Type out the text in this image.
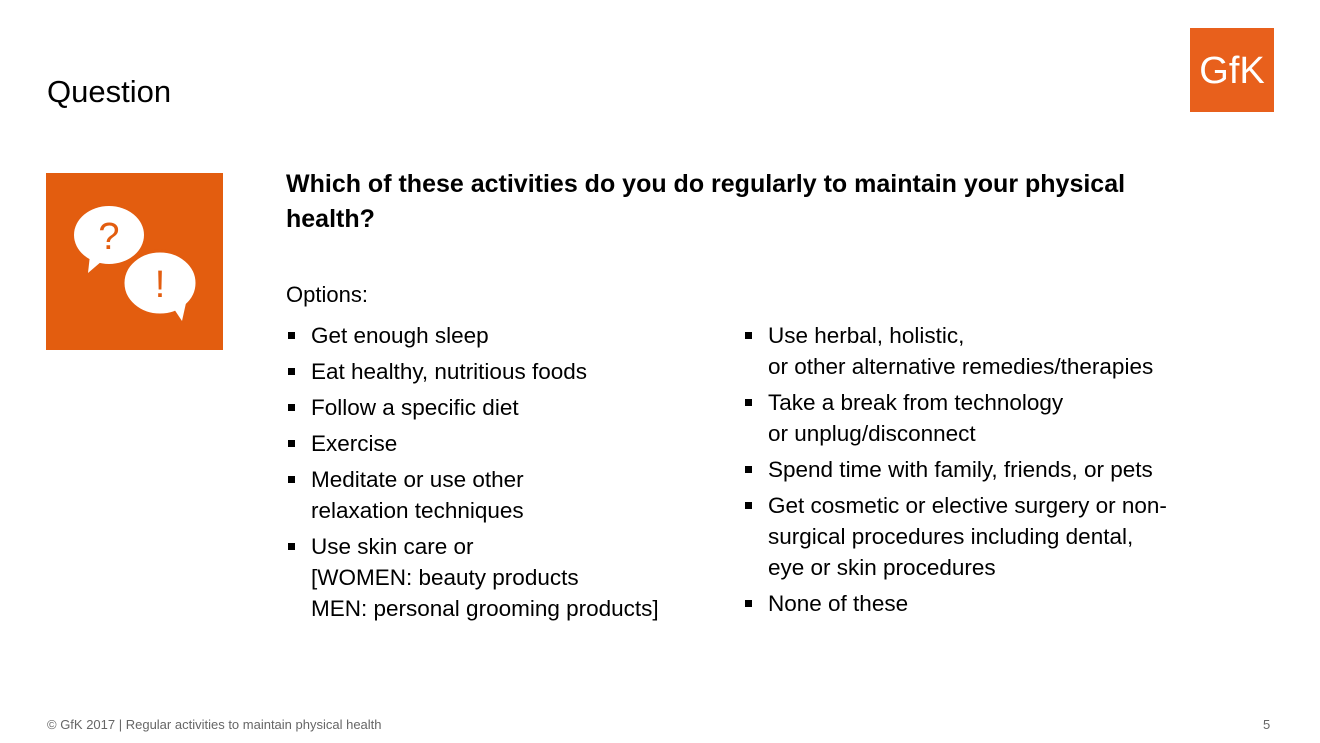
Question	GfK
?
!

Which of these activities do you do regularly to maintain your physical health?

Options:
Get enough sleep
Eat healthy, nutritious foods
Follow a specific diet
Exercise
Meditate or use other
relaxation techniques
Use skin care or
[WOMEN: beauty products
MEN: personal grooming products]
Use herbal, holistic,
or other alternative remedies/therapies
Take a break from technology
or unplug/disconnect
Spend time with family, friends, or pets
Get cosmetic or elective surgery or non-
surgical procedures including dental,
eye or skin procedures
None of these
© GfK 2017 | Regular activities to maintain physical health	5
